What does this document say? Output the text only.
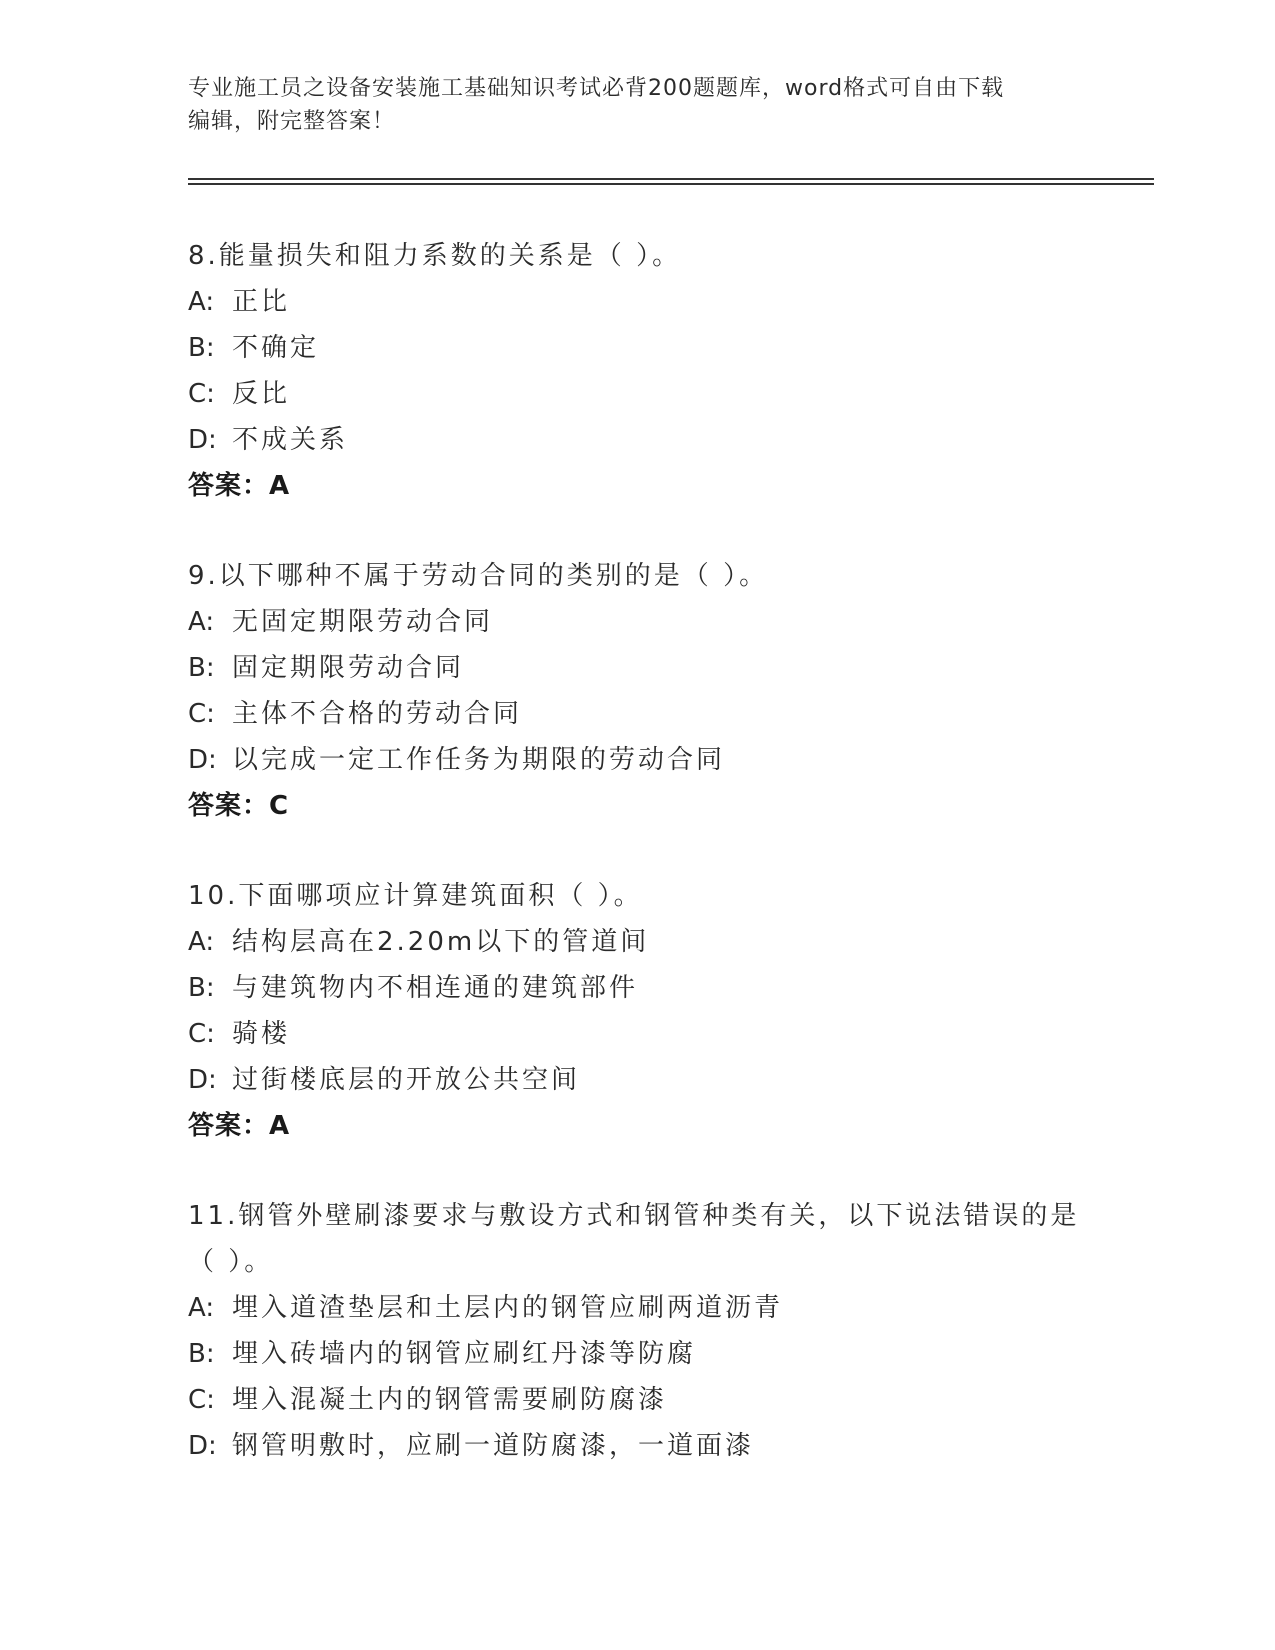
专业施工员之设备安装施工基础知识考试必背200题题库，word格式可自由下载
编辑，附完整答案！
8.能量损失和阻力系数的关系是（ ）。
A: 正比
B: 不确定
C: 反比
D: 不成关系
答案：A
9.以下哪种不属于劳动合同的类别的是（ ）。
A: 无固定期限劳动合同
B: 固定期限劳动合同
C: 主体不合格的劳动合同
D: 以完成一定工作任务为期限的劳动合同
答案：C
10.下面哪项应计算建筑面积（ ）。
A: 结构层高在2.20m以下的管道间
B: 与建筑物内不相连通的建筑部件
C: 骑楼
D: 过街楼底层的开放公共空间
答案：A
11.钢管外壁刷漆要求与敷设方式和钢管种类有关，以下说法错误的是
（ ）。
A: 埋入道渣垫层和土层内的钢管应刷两道沥青
B: 埋入砖墙内的钢管应刷红丹漆等防腐
C: 埋入混凝土内的钢管需要刷防腐漆
D: 钢管明敷时，应刷一道防腐漆，一道面漆
